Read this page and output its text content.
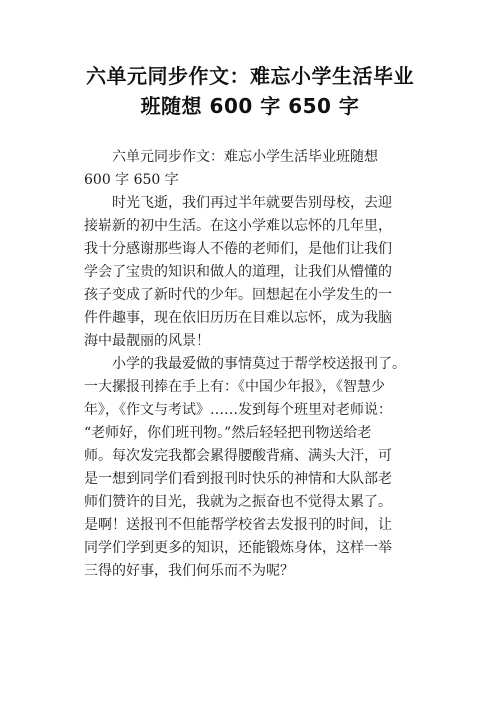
六单元同步作文：难忘小学生活毕业
班随想 600 字 650 字
六单元同步作文：难忘小学生活毕业班随想
600 字 650 字
时光飞逝，我们再过半年就要告别母校，去迎
接崭新的初中生活。在这小学难以忘怀的几年里，
我十分感谢那些诲人不倦的老师们，是他们让我们
学会了宝贵的知识和做人的道理，让我们从懵懂的
孩子变成了新时代的少年。回想起在小学发生的一
件件趣事，现在依旧历历在目难以忘怀，成为我脑
海中最靓丽的风景！
小学的我最爱做的事情莫过于帮学校送报刊了。
一大摞报刊捧在手上有：《中国少年报》，《智慧少
年》，《作文与考试》……发到每个班里对老师说：
“老师好，你们班刊物。”然后轻轻把刊物送给老
师。每次发完我都会累得腰酸背痛、满头大汗，可
是一想到同学们看到报刊时快乐的神情和大队部老
师们赞许的目光，我就为之振奋也不觉得太累了。
是啊！送报刊不但能帮学校省去发报刊的时间，让
同学们学到更多的知识，还能锻炼身体，这样一举
三得的好事，我们何乐而不为呢？
